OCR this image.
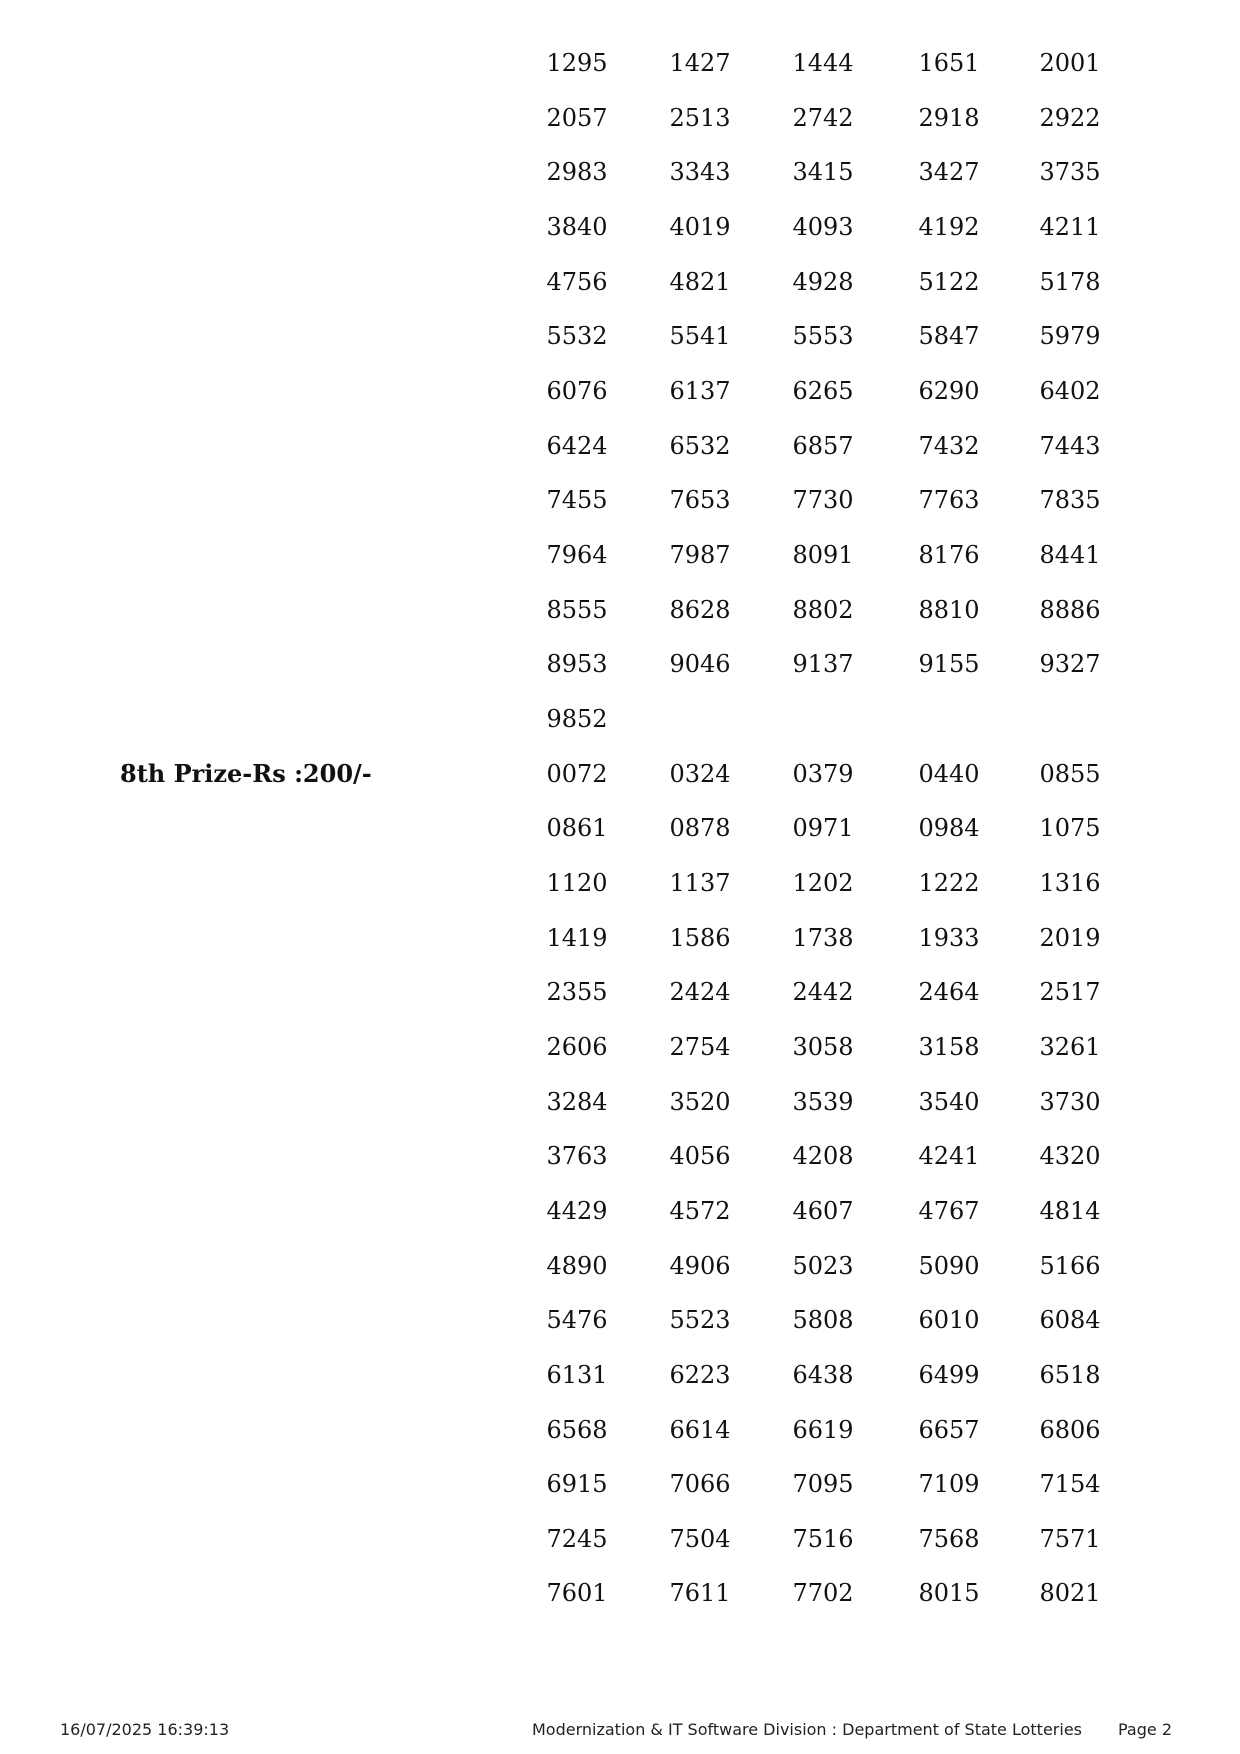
1295	1427	1444	1651	2001
2057	2513	2742	2918	2922
2983	3343	3415	3427	3735
3840	4019	4093	4192	4211
4756	4821	4928	5122	5178
5532	5541	5553	5847	5979
6076	6137	6265	6290	6402
6424	6532	6857	7432	7443
7455	7653	7730	7763	7835
7964	7987	8091	8176	8441
8555	8628	8802	8810	8886
8953	9046	9137	9155	9327
9852
8th Prize-Rs :200/-	0072	0324	0379	0440	0855
0861	0878	0971	0984	1075
1120	1137	1202	1222	1316
1419	1586	1738	1933	2019
2355	2424	2442	2464	2517
2606	2754	3058	3158	3261
3284	3520	3539	3540	3730
3763	4056	4208	4241	4320
4429	4572	4607	4767	4814
4890	4906	5023	5090	5166
5476	5523	5808	6010	6084
6131	6223	6438	6499	6518
6568	6614	6619	6657	6806
6915	7066	7095	7109	7154
7245	7504	7516	7568	7571
7601	7611	7702	8015	8021
16/07/2025 16:39:13	Modernization & IT Software Division : Department of State Lotteries Page 2
